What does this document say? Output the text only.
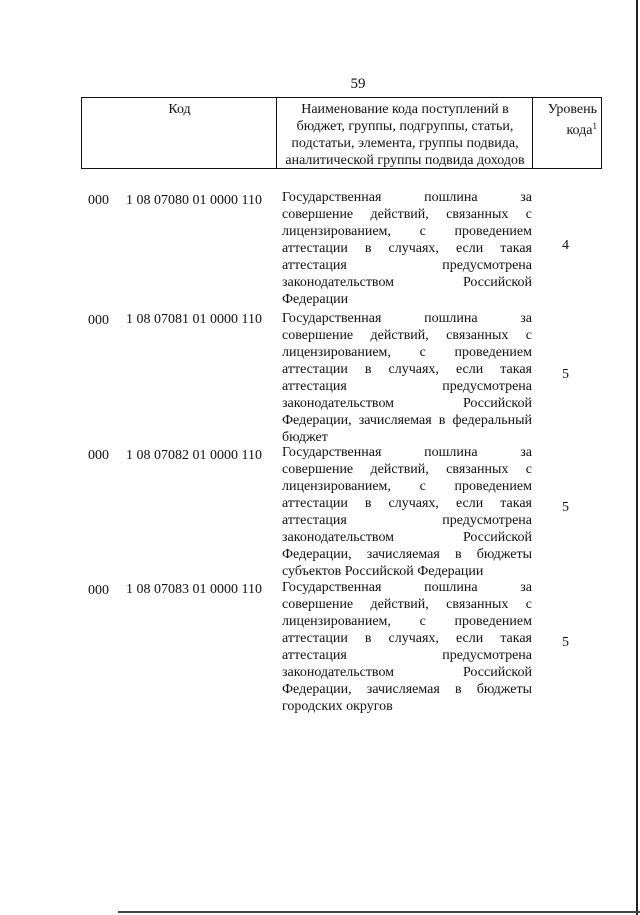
59
Код	Наименование кода поступлений в
бюджет, группы, подгруппы, статьи,
подстатьи, элемента, группы подвида,
аналитической группы подвида доходов
Уровень
кода$^1$
000 1 08 07080 01 0000 110 Государственная пошлина за
совершение действий, связанных с
лицензированием, с проведением
аттестации в случаях, если такая
аттестация предусмотрена
законодательством Российской
Федерации
4
000 1 08 07081 01 0000 110 Государственная пошлина за
совершение действий, связанных с
лицензированием, с проведением
аттестации в случаях, если такая
аттестация предусмотрена
законодательством Российской
Федерации, зачисляемая в федеральный
бюджет
5
000 1 08 07082 01 0000 110 Государственная пошлина за
совершение действий, связанных с
лицензированием, с проведением
аттестации в случаях, если такая
аттестация предусмотрена
законодательством Российской
Федерации, зачисляемая в бюджеты
субъектов Российской Федерации
5
000 1 08 07083 01 0000 110 Государственная пошлина за
совершение действий, связанных с
лицензированием, с проведением
аттестации в случаях, если такая
аттестация предусмотрена
законодательством Российской
Федерации, зачисляемая в бюджеты
городских округов
5
